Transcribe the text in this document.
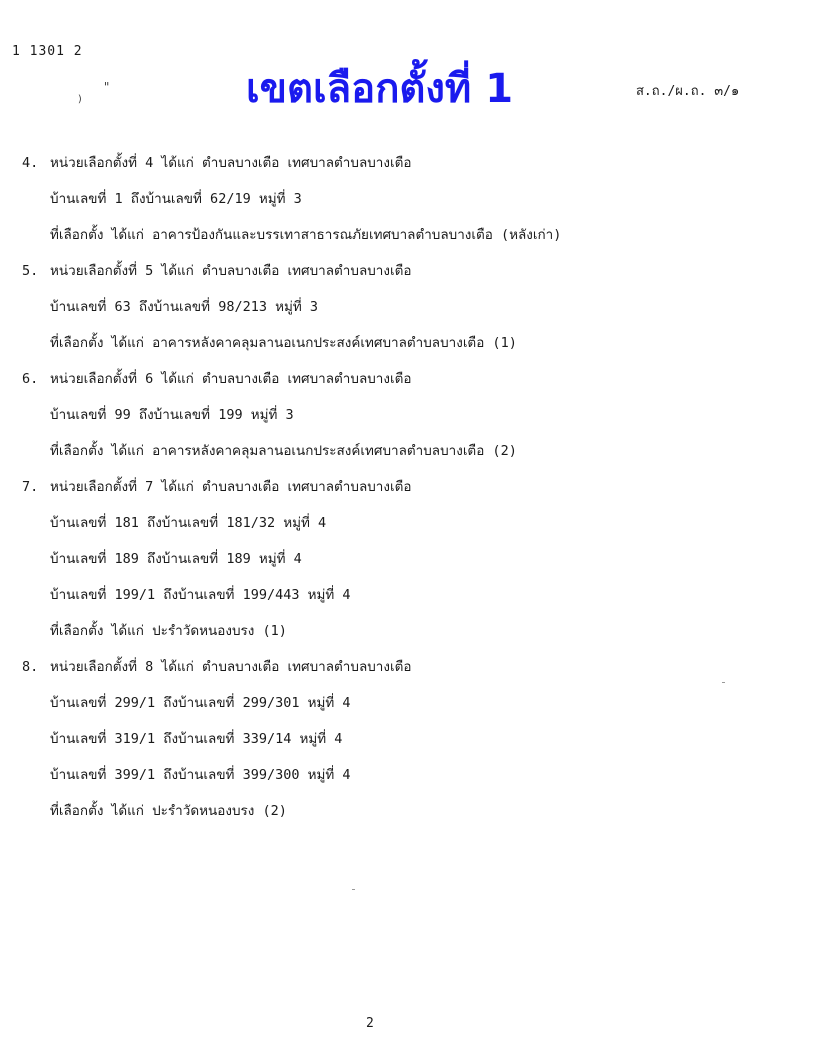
1 1301 2
"
)	เขตเลือกตั้งที่ 1	ส.ถ./ผ.ถ. ๓/๑
4. หน่วยเลือกตั้งที่ 4 ได้แก่ ตำบลบางเตือ เทศบาลตำบลบางเตือ
บ้านเลขที่ 1 ถึงบ้านเลขที่ 62/19 หมู่ที่ 3
ที่เลือกตั้ง ได้แก่ อาคารป้องกันและบรรเทาสาธารณภัยเทศบาลตำบลบางเตือ (หลังเก่า)
5. หน่วยเลือกตั้งที่ 5 ได้แก่ ตำบลบางเตือ เทศบาลตำบลบางเตือ
บ้านเลขที่ 63 ถึงบ้านเลขที่ 98/213 หมู่ที่ 3
ที่เลือกตั้ง ได้แก่ อาคารหลังคาคลุมลานอเนกประสงค์เทศบาลตำบลบางเตือ (1)
6. หน่วยเลือกตั้งที่ 6 ได้แก่ ตำบลบางเตือ เทศบาลตำบลบางเตือ
บ้านเลขที่ 99 ถึงบ้านเลขที่ 199 หมู่ที่ 3
ที่เลือกตั้ง ได้แก่ อาคารหลังคาคลุมลานอเนกประสงค์เทศบาลตำบลบางเตือ (2)
7. หน่วยเลือกตั้งที่ 7 ได้แก่ ตำบลบางเตือ เทศบาลตำบลบางเตือ
บ้านเลขที่ 181 ถึงบ้านเลขที่ 181/32 หมู่ที่ 4
บ้านเลขที่ 189 ถึงบ้านเลขที่ 189 หมู่ที่ 4
บ้านเลขที่ 199/1 ถึงบ้านเลขที่ 199/443 หมู่ที่ 4
ที่เลือกตั้ง ได้แก่ ปะรำวัดหนองบรง (1)
8. หน่วยเลือกตั้งที่ 8 ได้แก่ ตำบลบางเตือ เทศบาลตำบลบางเตือ
บ้านเลขที่ 299/1 ถึงบ้านเลขที่ 299/301 หมู่ที่ 4
บ้านเลขที่ 319/1 ถึงบ้านเลขที่ 339/14 หมู่ที่ 4
บ้านเลขที่ 399/1 ถึงบ้านเลขที่ 399/300 หมู่ที่ 4
ที่เลือกตั้ง ได้แก่ ปะรำวัดหนองบรง (2)
2
